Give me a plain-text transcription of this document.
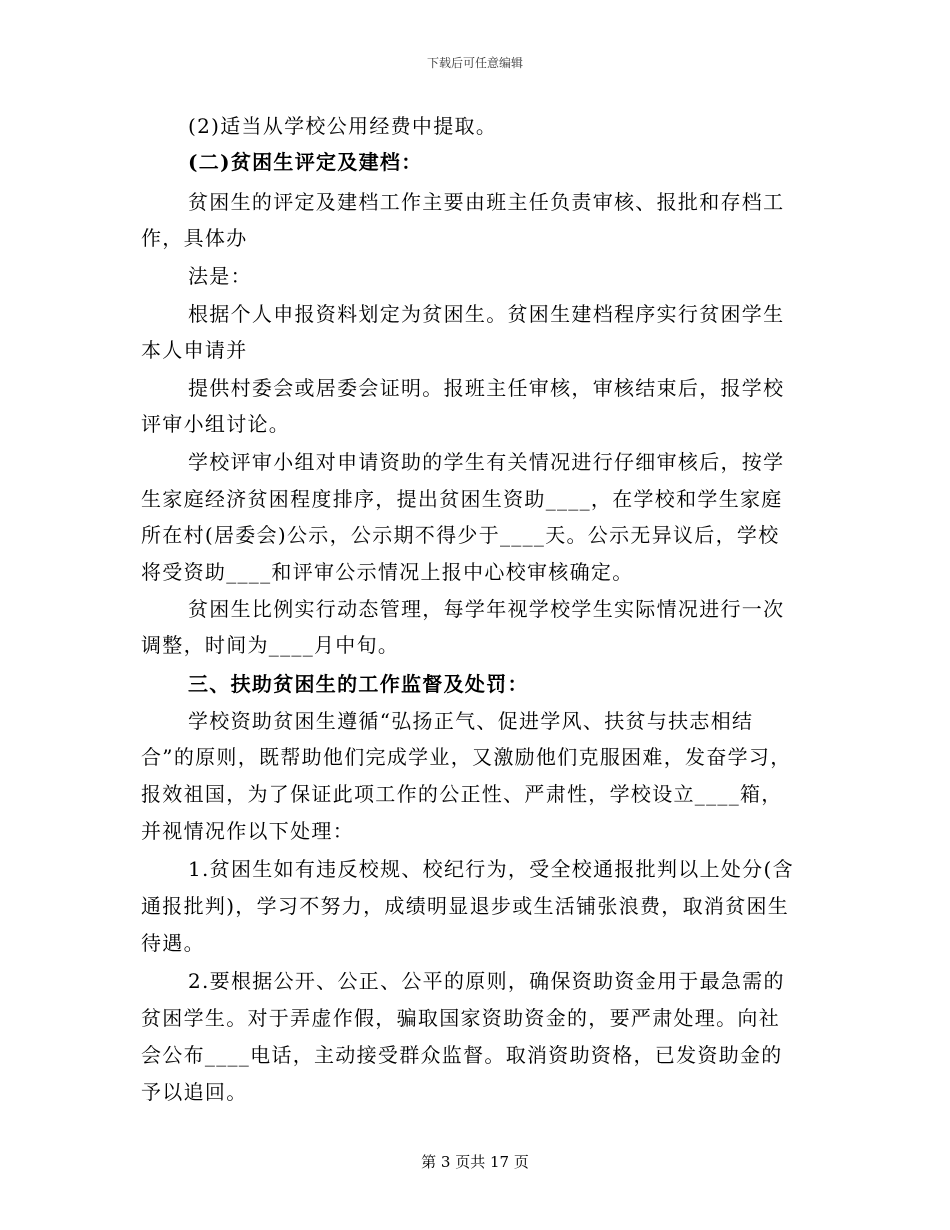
下载后可任意编辑
(2)适当从学校公用经费中提取。
(二)贫困生评定及建档：
贫困生的评定及建档工作主要由班主任负责审核、报批和存档工
作，具体办
法是：
根据个人申报资料划定为贫困生。贫困生建档程序实行贫困学生
本人申请并
提供村委会或居委会证明。报班主任审核，审核结束后，报学校
评审小组讨论。
学校评审小组对申请资助的学生有关情况进行仔细审核后，按学
生家庭经济贫困程度排序，提出贫困生资助____，在学校和学生家庭
所在村(居委会)公示，公示期不得少于____天。公示无异议后，学校
将受资助____和评审公示情况上报中心校审核确定。
贫困生比例实行动态管理，每学年视学校学生实际情况进行一次
调整，时间为____月中旬。
三、扶助贫困生的工作监督及处罚：
学校资助贫困生遵循“弘扬正气、促进学风、扶贫与扶志相结
合”的原则，既帮助他们完成学业，又激励他们克服困难，发奋学习，
报效祖国，为了保证此项工作的公正性、严肃性，学校设立____箱，
并视情况作以下处理：
1.贫困生如有违反校规、校纪行为，受全校通报批判以上处分(含
通报批判)，学习不努力，成绩明显退步或生活铺张浪费，取消贫困生
待遇。
2.要根据公开、公正、公平的原则，确保资助资金用于最急需的
贫困学生。对于弄虚作假，骗取国家资助资金的，要严肃处理。向社
会公布____电话，主动接受群众监督。取消资助资格，已发资助金的
予以追回。
第 3 页共 17 页
